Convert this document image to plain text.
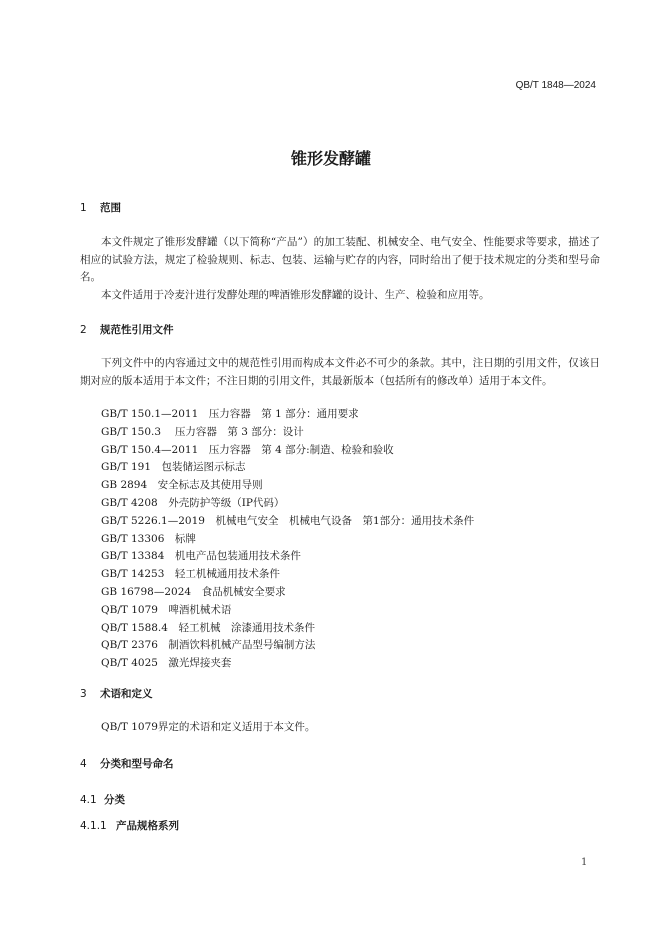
QB/T 1848—2024
锥形发酵罐
1 范围

本文件规定了锥形发酵罐（以下简称“产品”）的加工装配、机械安全、电气安全、性能要求等要求，描述了相应的试验方法，规定了检验规则、标志、包装、运输与贮存的内容，同时给出了便于技术规定的分类和型号命名。

本文件适用于冷麦汁进行发酵处理的啤酒锥形发酵罐的设计、生产、检验和应用等。

2 规范性引用文件

下列文件中的内容通过文中的规范性引用而构成本文件必不可少的条款。其中，注日期的引用文件，仅该日期对应的版本适用于本文件；不注日期的引用文件，其最新版本（包括所有的修改单）适用于本文件。

GB/T 150.1—2011　压力容器　第 1 部分：通用要求
GB/T 150.3　 压力容器　第 3 部分：设计
GB/T 150.4—2011　压力容器　第 4 部分:制造、检验和验收
GB/T 191　包装储运图示标志
GB 2894　安全标志及其使用导则
GB/T 4208　外壳防护等级（IP代码）
GB/T 5226.1—2019　机械电气安全　机械电气设备　第1部分：通用技术条件
GB/T 13306　标牌
GB/T 13384　机电产品包装通用技术条件
GB/T 14253　轻工机械通用技术条件
GB 16798—2024　食品机械安全要求
QB/T 1079　啤酒机械术语
QB/T 1588.4　轻工机械　涂漆通用技术条件
QB/T 2376　制酒饮料机械产品型号编制方法
QB/T 4025　激光焊接夹套
3 术语和定义

QB/T 1079界定的术语和定义适用于本文件。

4 分类和型号命名
4.1 分类
4.1.1 产品规格系列
1
